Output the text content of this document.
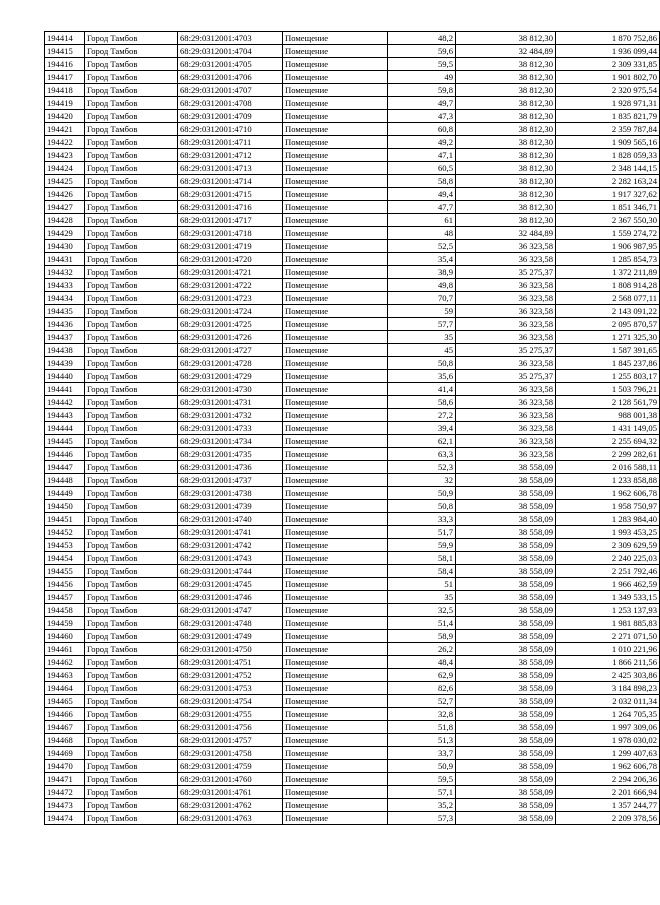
194414	Город Тамбов	68:29:0312001:4703	Помещение	48,2	38 812,30	1 870 752,86
194415	Город Тамбов	68:29:0312001:4704	Помещение	59,6	32 484,89	1 936 099,44
194416	Город Тамбов	68:29:0312001:4705	Помещение	59,5	38 812,30	2 309 331,85
194417	Город Тамбов	68:29:0312001:4706	Помещение	49	38 812,30	1 901 802,70
194418	Город Тамбов	68:29:0312001:4707	Помещение	59,8	38 812,30	2 320 975,54
194419	Город Тамбов	68:29:0312001:4708	Помещение	49,7	38 812,30	1 928 971,31
194420	Город Тамбов	68:29:0312001:4709	Помещение	47,3	38 812,30	1 835 821,79
194421	Город Тамбов	68:29:0312001:4710	Помещение	60,8	38 812,30	2 359 787,84
194422	Город Тамбов	68:29:0312001:4711	Помещение	49,2	38 812,30	1 909 565,16
194423	Город Тамбов	68:29:0312001:4712	Помещение	47,1	38 812,30	1 828 059,33
194424	Город Тамбов	68:29:0312001:4713	Помещение	60,5	38 812,30	2 348 144,15
194425	Город Тамбов	68:29:0312001:4714	Помещение	58,8	38 812,30	2 282 163,24
194426	Город Тамбов	68:29:0312001:4715	Помещение	49,4	38 812,30	1 917 327,62
194427	Город Тамбов	68:29:0312001:4716	Помещение	47,7	38 812,30	1 851 346,71
194428	Город Тамбов	68:29:0312001:4717	Помещение	61	38 812,30	2 367 550,30
194429	Город Тамбов	68:29:0312001:4718	Помещение	48	32 484,89	1 559 274,72
194430	Город Тамбов	68:29:0312001:4719	Помещение	52,5	36 323,58	1 906 987,95
194431	Город Тамбов	68:29:0312001:4720	Помещение	35,4	36 323,58	1 285 854,73
194432	Город Тамбов	68:29:0312001:4721	Помещение	38,9	35 275,37	1 372 211,89
194433	Город Тамбов	68:29:0312001:4722	Помещение	49,8	36 323,58	1 808 914,28
194434	Город Тамбов	68:29:0312001:4723	Помещение	70,7	36 323,58	2 568 077,11
194435	Город Тамбов	68:29:0312001:4724	Помещение	59	36 323,58	2 143 091,22
194436	Город Тамбов	68:29:0312001:4725	Помещение	57,7	36 323,58	2 095 870,57
194437	Город Тамбов	68:29:0312001:4726	Помещение	35	36 323,58	1 271 325,30
194438	Город Тамбов	68:29:0312001:4727	Помещение	45	35 275,37	1 587 391,65
194439	Город Тамбов	68:29:0312001:4728	Помещение	50,8	36 323,58	1 845 237,86
194440	Город Тамбов	68:29:0312001:4729	Помещение	35,6	35 275,37	1 255 803,17
194441	Город Тамбов	68:29:0312001:4730	Помещение	41,4	36 323,58	1 503 796,21
194442	Город Тамбов	68:29:0312001:4731	Помещение	58,6	36 323,58	2 128 561,79
194443	Город Тамбов	68:29:0312001:4732	Помещение	27,2	36 323,58	988 001,38
194444	Город Тамбов	68:29:0312001:4733	Помещение	39,4	36 323,58	1 431 149,05
194445	Город Тамбов	68:29:0312001:4734	Помещение	62,1	36 323,58	2 255 694,32
194446	Город Тамбов	68:29:0312001:4735	Помещение	63,3	36 323,58	2 299 282,61
194447	Город Тамбов	68:29:0312001:4736	Помещение	52,3	38 558,09	2 016 588,11
194448	Город Тамбов	68:29:0312001:4737	Помещение	32	38 558,09	1 233 858,88
194449	Город Тамбов	68:29:0312001:4738	Помещение	50,9	38 558,09	1 962 606,78
194450	Город Тамбов	68:29:0312001:4739	Помещение	50,8	38 558,09	1 958 750,97
194451	Город Тамбов	68:29:0312001:4740	Помещение	33,3	38 558,09	1 283 984,40
194452	Город Тамбов	68:29:0312001:4741	Помещение	51,7	38 558,09	1 993 453,25
194453	Город Тамбов	68:29:0312001:4742	Помещение	59,9	38 558,09	2 309 629,59
194454	Город Тамбов	68:29:0312001:4743	Помещение	58,1	38 558,09	2 240 225,03
194455	Город Тамбов	68:29:0312001:4744	Помещение	58,4	38 558,09	2 251 792,46
194456	Город Тамбов	68:29:0312001:4745	Помещение	51	38 558,09	1 966 462,59
194457	Город Тамбов	68:29:0312001:4746	Помещение	35	38 558,09	1 349 533,15
194458	Город Тамбов	68:29:0312001:4747	Помещение	32,5	38 558,09	1 253 137,93
194459	Город Тамбов	68:29:0312001:4748	Помещение	51,4	38 558,09	1 981 885,83
194460	Город Тамбов	68:29:0312001:4749	Помещение	58,9	38 558,09	2 271 071,50
194461	Город Тамбов	68:29:0312001:4750	Помещение	26,2	38 558,09	1 010 221,96
194462	Город Тамбов	68:29:0312001:4751	Помещение	48,4	38 558,09	1 866 211,56
194463	Город Тамбов	68:29:0312001:4752	Помещение	62,9	38 558,09	2 425 303,86
194464	Город Тамбов	68:29:0312001:4753	Помещение	82,6	38 558,09	3 184 898,23
194465	Город Тамбов	68:29:0312001:4754	Помещение	52,7	38 558,09	2 032 011,34
194466	Город Тамбов	68:29:0312001:4755	Помещение	32,8	38 558,09	1 264 705,35
194467	Город Тамбов	68:29:0312001:4756	Помещение	51,8	38 558,09	1 997 309,06
194468	Город Тамбов	68:29:0312001:4757	Помещение	51,3	38 558,09	1 978 030,02
194469	Город Тамбов	68:29:0312001:4758	Помещение	33,7	38 558,09	1 299 407,63
194470	Город Тамбов	68:29:0312001:4759	Помещение	50,9	38 558,09	1 962 606,78
194471	Город Тамбов	68:29:0312001:4760	Помещение	59,5	38 558,09	2 294 206,36
194472	Город Тамбов	68:29:0312001:4761	Помещение	57,1	38 558,09	2 201 666,94
194473	Город Тамбов	68:29:0312001:4762	Помещение	35,2	38 558,09	1 357 244,77
194474	Город Тамбов	68:29:0312001:4763	Помещение	57,3	38 558,09	2 209 378,56
